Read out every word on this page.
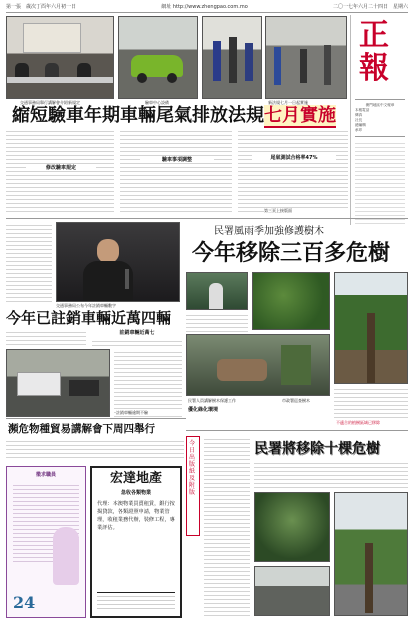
第一張　歲次丁酉年六月初一日	網址 http://www.zhengpao.com.mo	二〇一七年六月二十四日　星期六
正報
澳門地區中文報章
本報電話
傳真
社長
總編輯
承印
交通事務局舉行講解會介紹新規定	驗車中心設備	新法規七月一日起實施
縮短驗車年期車輛尾氣排放法規七月實施
修改驗車規定
驗車事項調整	尾氣測試合格率47%
第三頁上接版面
交通事務局公布今年註銷車輛數字
今年已註銷車輛近萬四輛
註銷車輛近萬七
註銷車輛逾期不驗
民署風雨季加強修護樹木
今年移除三百多危樹
民署人員講解樹木保護工作	市政署巡查樹木
優化綠化環境
不適合的植樹區域已移除
瀕危物種貿易講解會下周四舉行
今日出版紙及附版
民署將移除十棵危樹
徵求職員
24
宏達地產
急收各類物業
代理：本澳物業買賣租賃，銀行按揭貸款，各類證照申請，物業管理，收租業務代辦，裝修工程，專業評估。
